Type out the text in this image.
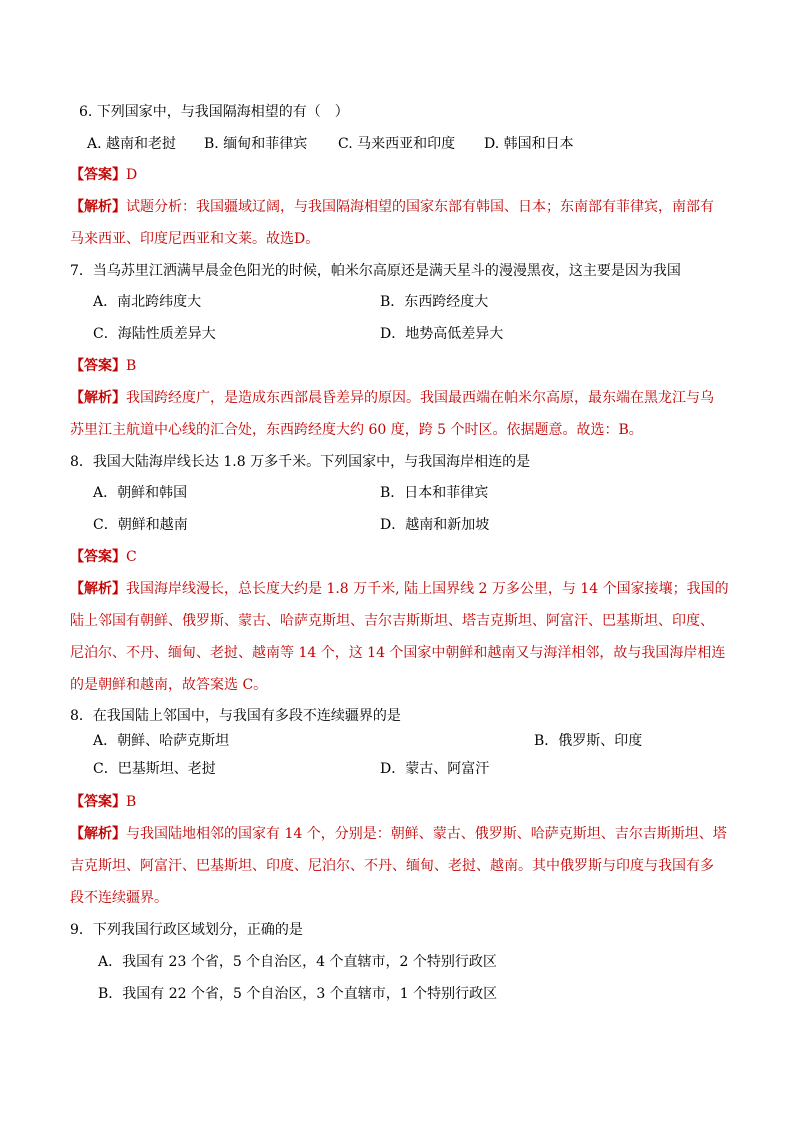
6. 下列国家中，与我国隔海相望的有（　）
A. 越南和老挝 B. 缅甸和菲律宾 C. 马来西亚和印度 D. 韩国和日本
【答案】D
【解析】试题分析：我国疆域辽阔，与我国隔海相望的国家东部有韩国、日本；东南部有菲律宾，南部有
马来西亚、印度尼西亚和文莱。故选D。
7．当乌苏里江洒满早晨金色阳光的时候，帕米尔高原还是满天星斗的漫漫黑夜，这主要是因为我国
A．南北跨纬度大	B．东西跨经度大
C．海陆性质差异大	D．地势高低差异大
【答案】B
【解析】我国跨经度广，是造成东西部晨昏差异的原因。我国最西端在帕米尔高原，最东端在黑龙江与乌
苏里江主航道中心线的汇合处，东西跨经度大约 60 度，跨 5 个时区。依据题意。故选：B。
8．我国大陆海岸线长达 1.8 万多千米。下列国家中，与我国海岸相连的是
A．朝鲜和韩国	B．日本和菲律宾
C．朝鲜和越南	D．越南和新加坡
【答案】C
【解析】我国海岸线漫长，总长度大约是 1.8 万千米, 陆上国界线 2 万多公里，与 14 个国家接壤；我国的
陆上邻国有朝鲜、俄罗斯、蒙古、哈萨克斯坦、吉尔吉斯斯坦、塔吉克斯坦、阿富汗、巴基斯坦、印度、
尼泊尔、不丹、缅甸、老挝、越南等 14 个，这 14 个国家中朝鲜和越南又与海洋相邻，故与我国海岸相连
的是朝鲜和越南，故答案选 C。
8．在我国陆上邻国中，与我国有多段不连续疆界的是
A．朝鲜、哈萨克斯坦	B．俄罗斯、印度
C．巴基斯坦、老挝	D．蒙古、阿富汗
【答案】B
【解析】与我国陆地相邻的国家有 14 个，分别是：朝鲜、蒙古、俄罗斯、哈萨克斯坦、吉尔吉斯斯坦、塔
吉克斯坦、阿富汗、巴基斯坦、印度、尼泊尔、不丹、缅甸、老挝、越南。其中俄罗斯与印度与我国有多
段不连续疆界。
9．下列我国行政区域划分，正确的是
A．我国有 23 个省，5 个自治区，4 个直辖市，2 个特别行政区
B．我国有 22 个省，5 个自治区，3 个直辖市，1 个特别行政区
